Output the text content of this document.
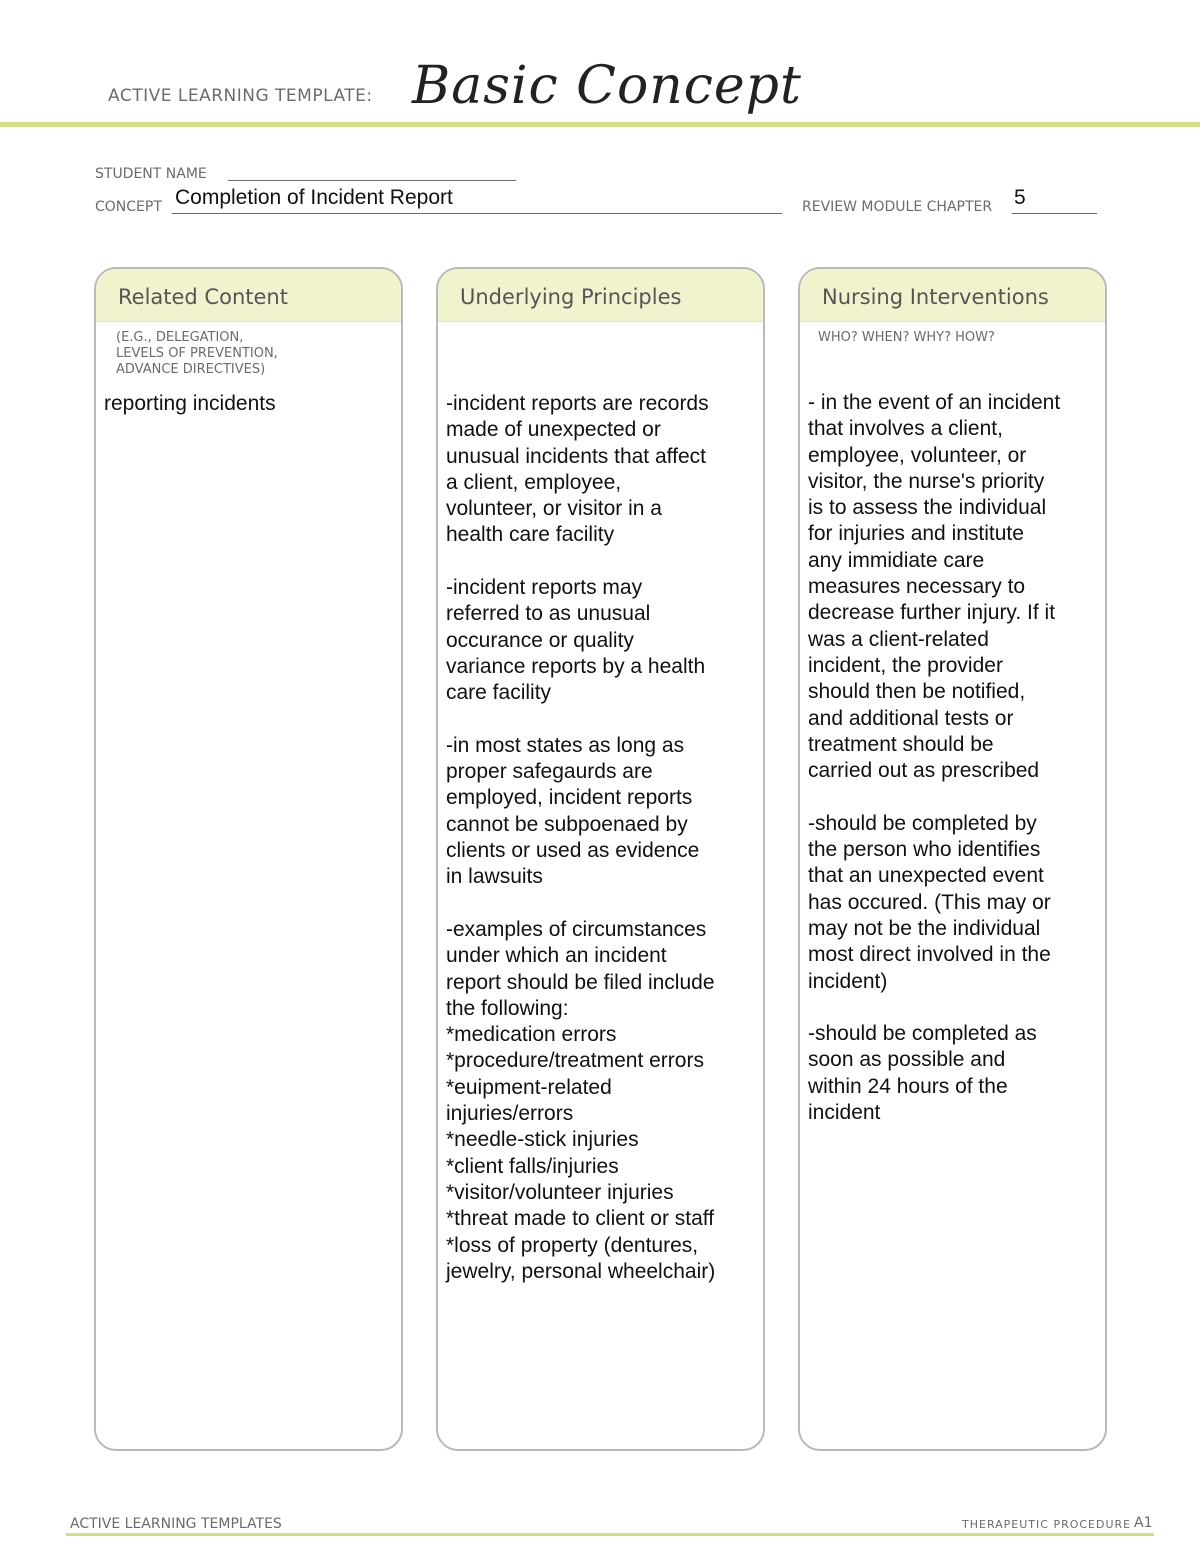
ACTIVE LEARNING TEMPLATE: Basic Concept
STUDENT NAME
CONCEPT Completion of Incident Report	REVIEW MODULE CHAPTER 5
Related Content
(E.G., DELEGATION,
LEVELS OF PREVENTION,
ADVANCE DIRECTIVES)
reporting incidents
Underlying Principles
-incident reports are records
made of unexpected or
unusual incidents that affect
a client, employee,
volunteer, or visitor in a
health care facility

-incident reports may
referred to as unusual
occurance or quality
variance reports by a health
care facility

-in most states as long as
proper safegaurds are
employed, incident reports
cannot be subpoenaed by
clients or used as evidence
in lawsuits

-examples of circumstances
under which an incident
report should be filed include
the following:
*medication errors
*procedure/treatment errors
*euipment-related
injuries/errors
*needle-stick injuries
*client falls/injuries
*visitor/volunteer injuries
*threat made to client or staff
*loss of property (dentures,
jewelry, personal wheelchair)
Nursing Interventions
WHO? WHEN? WHY? HOW?
- in the event of an incident
that involves a client,
employee, volunteer, or
visitor, the nurse's priority
is to assess the individual
for injuries and institute
any immidiate care
measures necessary to
decrease further injury. If it
was a client-related
incident, the provider
should then be notified,
and additional tests or
treatment should be
carried out as prescribed

-should be completed by
the person who identifies
that an unexpected event
has occured. (This may or
may not be the individual
most direct involved in the
incident)

-should be completed as
soon as possible and
within 24 hours of the
incident
ACTIVE LEARNING TEMPLATES	THERAPEUTIC PROCEDURE A1
